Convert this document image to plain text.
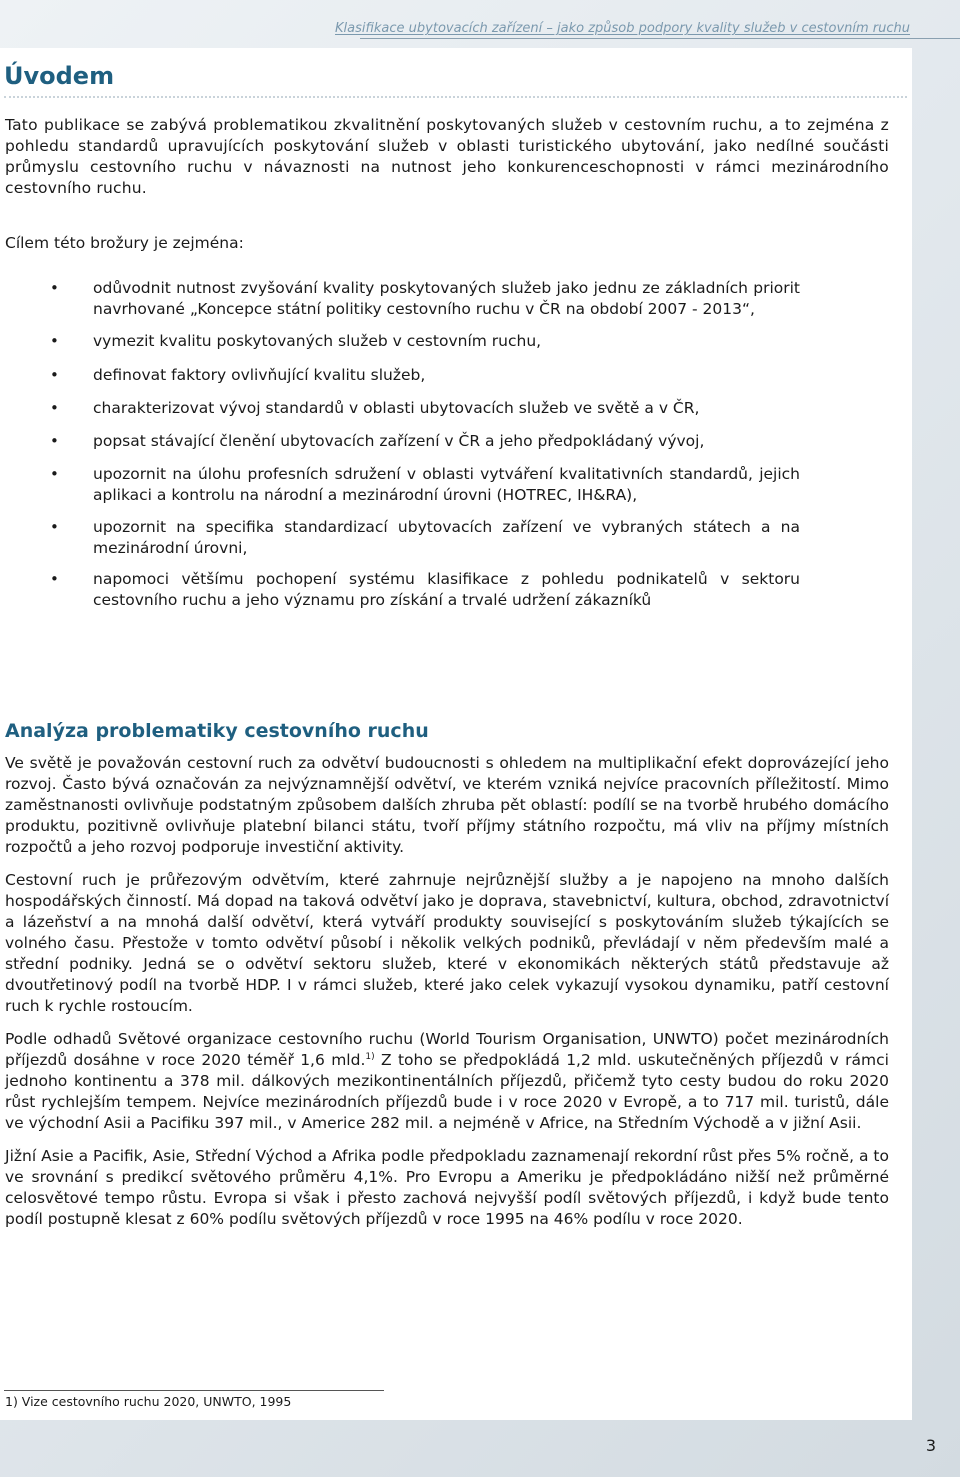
Klasifikace ubytovacích zařízení – jako způsob podpory kvality služeb v cestovním ruchu
Úvodem

Tato publikace se zabývá problematikou zkvalitnění poskytovaných služeb v cestovním ruchu, a to zejména z pohledu standardů upravujících poskytování služeb v oblasti turistického ubytování, jako nedílné součásti průmyslu cestovního ruchu v návaznosti na nutnost jeho konkurenceschopnosti v rámci mezinárodního cestovního ruchu.

Cílem této brožury je zejména:

• odůvodnit nutnost zvyšování kvality poskytovaných služeb jako jednu ze základních priorit navrhované „Koncepce státní politiky cestovního ruchu v ČR na období 2007 - 2013“,
• vymezit kvalitu poskytovaných služeb v cestovním ruchu,
• definovat faktory ovlivňující kvalitu služeb,
• charakterizovat vývoj standardů v oblasti ubytovacích služeb ve světě a v ČR,
• popsat stávající členění ubytovacích zařízení v ČR a jeho předpokládaný vývoj,
• upozornit na úlohu profesních sdružení v oblasti vytváření kvalitativních standardů, jejich aplikaci a kontrolu na národní a mezinárodní úrovni (HOTREC, IH&RA),
• upozornit na specifika standardizací ubytovacích zařízení ve vybraných státech a na mezinárodní úrovni,
• napomoci většímu pochopení systému klasifikace z pohledu podnikatelů v sektoru cestovního ruchu a jeho významu pro získání a trvalé udržení zákazníků
Analýza problematiky cestovního ruchu

Ve světě je považován cestovní ruch za odvětví budoucnosti s ohledem na multiplikační efekt doprovázející jeho rozvoj. Často bývá označován za nejvýznamnější odvětví, ve kterém vzniká nejvíce pracovních příležitostí. Mimo zaměstnanosti ovlivňuje podstatným způsobem dalších zhruba pět oblastí: podílí se na tvorbě hrubého domácího produktu, pozitivně ovlivňuje platební bilanci státu, tvoří příjmy státního rozpočtu, má vliv na příjmy místních rozpočtů a jeho rozvoj podporuje investiční aktivity.

Cestovní ruch je průřezovým odvětvím, které zahrnuje nejrůznější služby a je napojeno na mnoho dalších hospodářských činností. Má dopad na taková odvětví jako je doprava, stavebnictví, kultura, obchod, zdravotnictví a lázeňství a na mnohá další odvětví, která vytváří produkty související s poskytováním služeb týkajících se volného času. Přestože v tomto odvětví působí i několik velkých podniků, převládají v něm především malé a střední podniky. Jedná se o odvětví sektoru služeb, které v ekonomikách některých států představuje až dvoutřetinový podíl na tvorbě HDP. I v rámci služeb, které jako celek vykazují vysokou dynamiku, patří cestovní ruch k rychle rostoucím.

Podle odhadů Světové organizace cestovního ruchu (World Tourism Organisation, UNWTO) počet mezinárodních příjezdů dosáhne v roce 2020 téměř 1,6 mld.$^{1)}$ Z toho se předpokládá 1,2 mld. uskutečněných příjezdů v rámci jednoho kontinentu a 378 mil. dálkových mezikontinentálních příjezdů, přičemž tyto cesty budou do roku 2020 růst rychlejším tempem. Nejvíce mezinárodních příjezdů bude i v roce 2020 v Evropě, a to 717 mil. turistů, dále ve východní Asii a Pacifiku 397 mil., v Americe 282 mil. a nejméně v Africe, na Středním Východě a v jižní Asii.

Jižní Asie a Pacifik, Asie, Střední Východ a Afrika podle předpokladu zaznamenají rekordní růst přes 5% ročně, a to ve srovnání s predikcí světového průměru 4,1%. Pro Evropu a Ameriku je předpokládáno nižší než průměrné celosvětové tempo růstu. Evropa si však i přesto zachová nejvyšší podíl světových příjezdů, i když bude tento podíl postupně klesat z 60% podílu světových příjezdů v roce 1995 na 46% podílu v roce 2020.

1) Vize cestovního ruchu 2020, UNWTO, 1995
3
